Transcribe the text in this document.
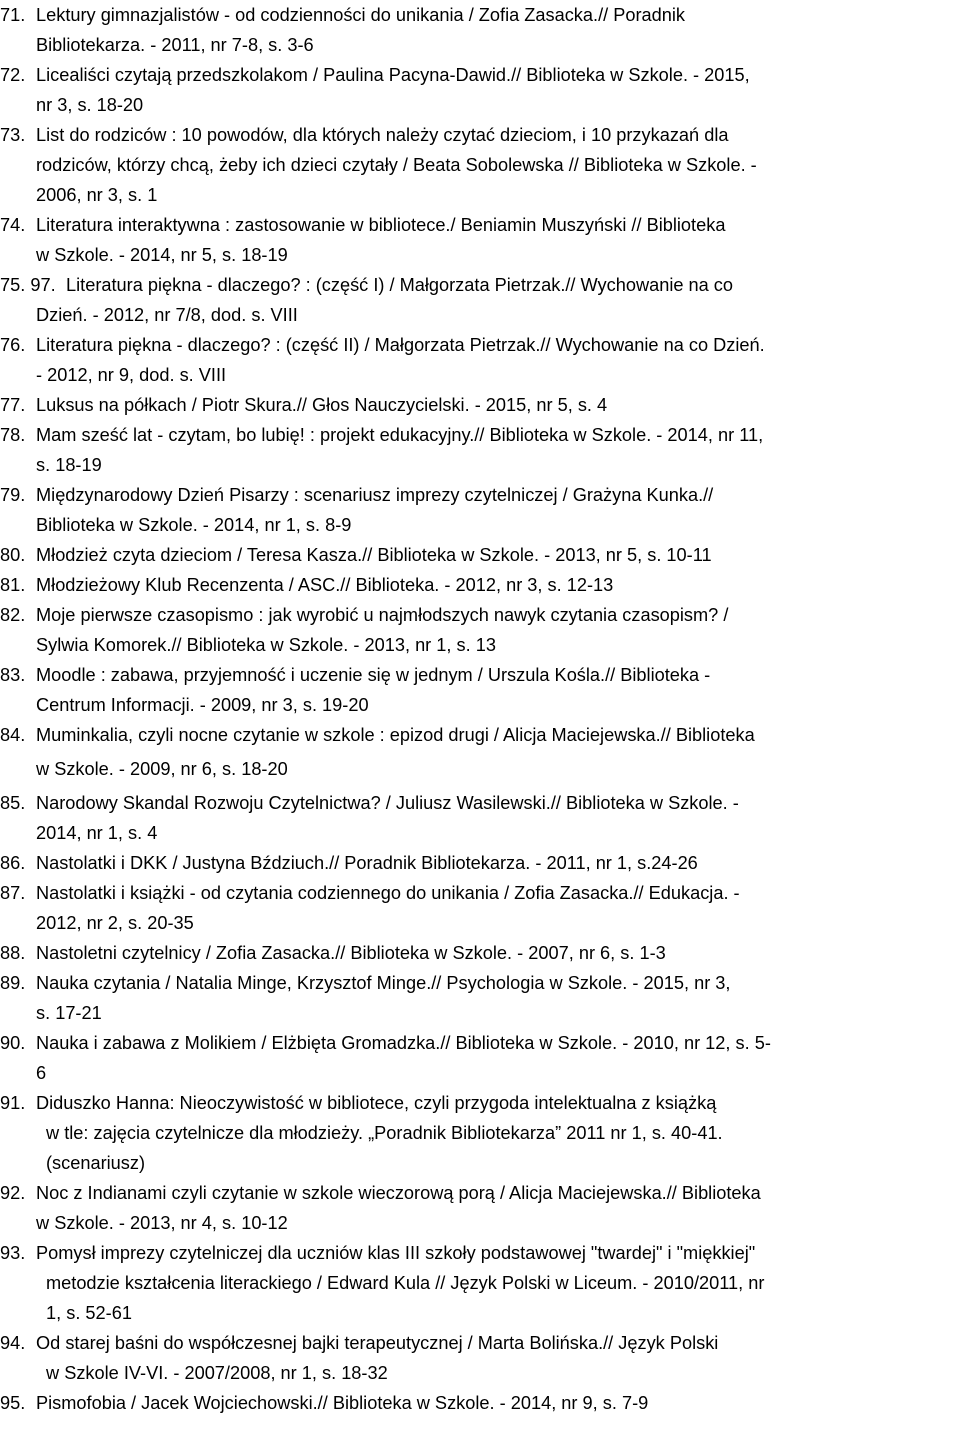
71. Lektury gimnazjalistów - od codzienności do unikania / Zofia Zasacka.// Poradnik
Bibliotekarza. - 2011, nr 7-8, s. 3-6
72. Licealiści czytają przedszkolakom / Paulina Pacyna-Dawid.// Biblioteka w Szkole. - 2015,
nr 3, s. 18-20
73. List do rodziców : 10 powodów, dla których należy czytać dzieciom, i 10 przykazań dla
rodziców, którzy chcą, żeby ich dzieci czytały / Beata Sobolewska // Biblioteka w Szkole. -
2006, nr 3, s. 1
74. Literatura interaktywna : zastosowanie w bibliotece./ Beniamin Muszyński // Biblioteka
w Szkole. - 2014, nr 5, s. 18-19
75. 97. Literatura piękna - dlaczego? : (część I) / Małgorzata Pietrzak.// Wychowanie na co
Dzień. - 2012, nr 7/8, dod. s. VIII
76. Literatura piękna - dlaczego? : (część II) / Małgorzata Pietrzak.// Wychowanie na co Dzień.
- 2012, nr 9, dod. s. VIII
77. Luksus na półkach / Piotr Skura.// Głos Nauczycielski. - 2015, nr 5, s. 4
78. Mam sześć lat - czytam, bo lubię! : projekt edukacyjny.// Biblioteka w Szkole. - 2014, nr 11,
s. 18-19
79. Międzynarodowy Dzień Pisarzy : scenariusz imprezy czytelniczej / Grażyna Kunka.//
Biblioteka w Szkole. - 2014, nr 1, s. 8-9
80. Młodzież czyta dzieciom / Teresa Kasza.// Biblioteka w Szkole. - 2013, nr 5, s. 10-11
81. Młodzieżowy Klub Recenzenta / ASC.// Biblioteka. - 2012, nr 3, s. 12-13
82. Moje pierwsze czasopismo : jak wyrobić u najmłodszych nawyk czytania czasopism? /
Sylwia Komorek.// Biblioteka w Szkole. - 2013, nr 1, s. 13
83. Moodle : zabawa, przyjemność i uczenie się w jednym / Urszula Kośla.// Biblioteka -
Centrum Informacji. - 2009, nr 3, s. 19-20
84. Muminkalia, czyli nocne czytanie w szkole : epizod drugi / Alicja Maciejewska.// Biblioteka
w Szkole. - 2009, nr 6, s. 18-20
85. Narodowy Skandal Rozwoju Czytelnictwa? / Juliusz Wasilewski.// Biblioteka w Szkole. -
2014, nr 1, s. 4
86. Nastolatki i DKK / Justyna Bździuch.// Poradnik Bibliotekarza. - 2011, nr 1, s.24-26
87. Nastolatki i książki - od czytania codziennego do unikania / Zofia Zasacka.// Edukacja. -
2012, nr 2, s. 20-35
88. Nastoletni czytelnicy / Zofia Zasacka.// Biblioteka w Szkole. - 2007, nr 6, s. 1-3
89. Nauka czytania / Natalia Minge, Krzysztof Minge.// Psychologia w Szkole. - 2015, nr 3,
s. 17-21
90. Nauka i zabawa z Molikiem / Elżbięta Gromadzka.// Biblioteka w Szkole. - 2010, nr 12, s. 5-
6
91. Diduszko Hanna: Nieoczywistość w bibliotece, czyli przygoda intelektualna z książką
w tle: zajęcia czytelnicze dla młodzieży. „Poradnik Bibliotekarza” 2011 nr 1, s. 40-41.
(scenariusz)
92. Noc z Indianami czyli czytanie w szkole wieczorową porą / Alicja Maciejewska.// Biblioteka
w Szkole. - 2013, nr 4, s. 10-12
93. Pomysł imprezy czytelniczej dla uczniów klas III szkoły podstawowej "twardej" i "miękkiej"
metodzie kształcenia literackiego / Edward Kula // Język Polski w Liceum. - 2010/2011, nr
1, s. 52-61
94. Od starej baśni do współczesnej bajki terapeutycznej / Marta Bolińska.// Język Polski
w Szkole IV-VI. - 2007/2008, nr 1, s. 18-32
95. Pismofobia / Jacek Wojciechowski.// Biblioteka w Szkole. - 2014, nr 9, s. 7-9
